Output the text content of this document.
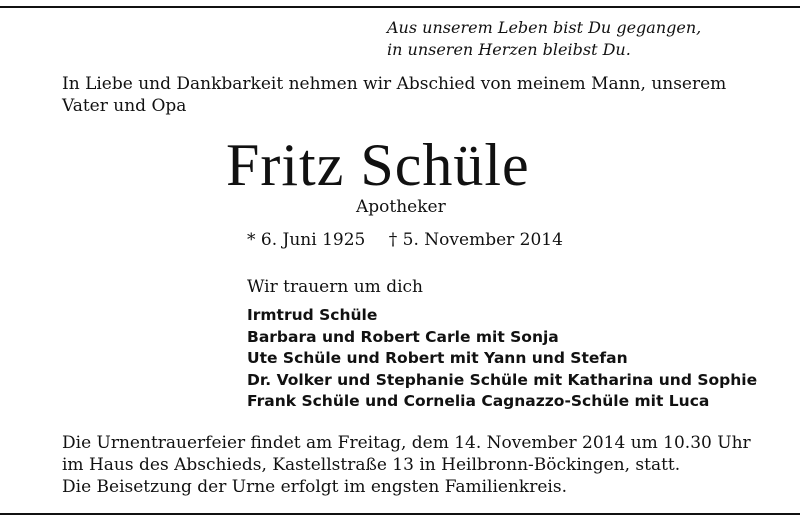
Aus unserem Leben bist Du gegangen,
in unseren Herzen bleibst Du.
In Liebe und Dankbarkeit nehmen wir Abschied von meinem Mann, unserem Vater und Opa
Fritz Schüle
Apotheker
* 6. Juni 1925 † 5. November 2014
Wir trauern um dich
Irmtrud Schüle
Barbara und Robert Carle mit Sonja
Ute Schüle und Robert mit Yann und Stefan
Dr. Volker und Stephanie Schüle mit Katharina und Sophie
Frank Schüle und Cornelia Cagnazzo-Schüle mit Luca
Die Urnentrauerfeier findet am Freitag, dem 14. November 2014 um 10.30 Uhr
im Haus des Abschieds, Kastellstraße 13 in Heilbronn-Böckingen, statt.
Die Beisetzung der Urne erfolgt im engsten Familienkreis.
